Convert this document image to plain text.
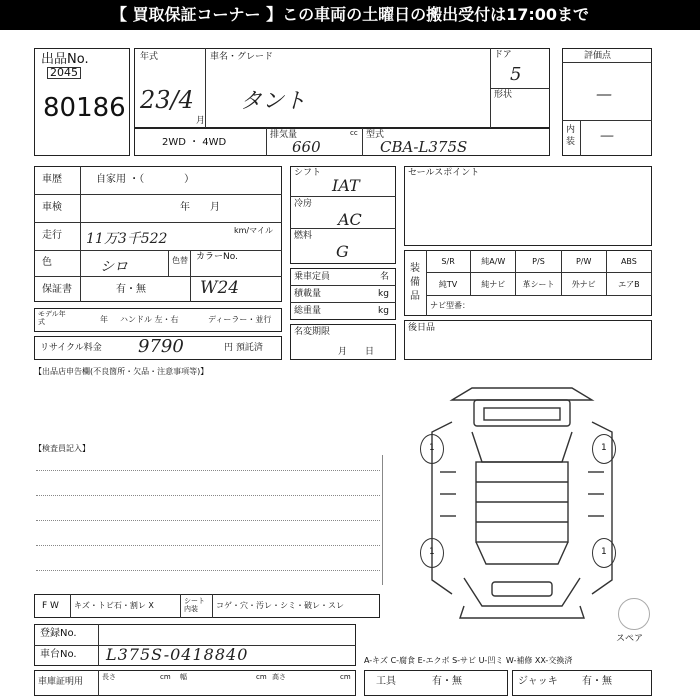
【 買取保証コーナー 】この車両の土曜日の搬出受付は17:00まで
出品No.
2045
80186
年式
23/4
月
車名・グレード
タント
ドア
5
形状
評価点
—
内
装 —
2WD ・ 4WD
排気量	cc
660
型式
CBA-L375S
車歴	自家用 ・（　　　　）
車検	年　　月
走行 11万3千522
km/マイル
色	シロ	色替 カラーNo.
W24
保証書	有・無
モデル年式	年 ハンドル 左・右	ディーラー・並行
リサイクル料金 9790	円 預託済
シフト
IAT
冷房
AC
燃料
G
乗車定員	名
積載量	kg
総重量	kg
名変期限
月　　日
セールスポイント
装備品
S/R	純A/W	P/S	P/W	ABS
純TV	純ナビ	革シート	外ナビ	エアB
ナビ型番：
後日品
【出品店申告欄(不良箇所・欠品・注意事項等)】
【検査員記入】	1	1
1	1
スペア
F W キズ・トビ石・割レ X	シート内装	コゲ・穴・汚レ・シミ・破レ・スレ
登録No.
車台No. L375S-0418840
車庫証明用	長さ	幅	高さ
cm	cm	cm
A-キズ C-腐食 E-エクボ S-サビ U-凹ミ W-補修 XX-交換済
工具	有・無	ジャッキ 有・無
